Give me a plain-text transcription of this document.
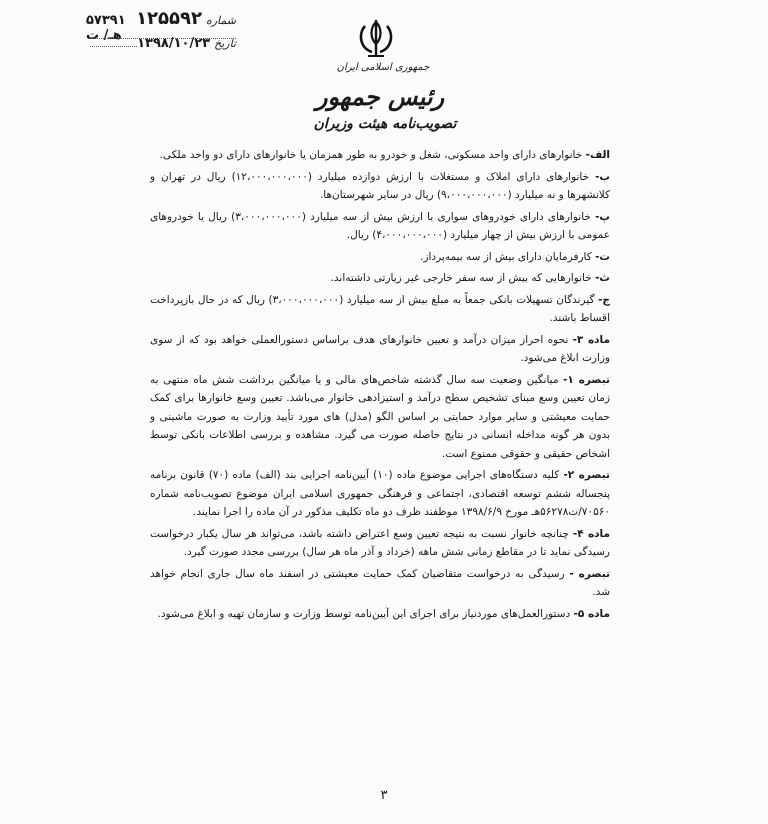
شماره
۱۲۵۵۹۲
۵۷۳۹۱ هـ/ ت
تاریخ
۱۳۹۸/۱۰/۲۳
جمهوری اسلامی ایران
رئیس جمهور
تصویب‌نامه هیئت وزیران

الف- خانوارهای دارای واحد مسکونی، شغل و خودرو به طور همزمان یا خانوارهای دارای دو واحد ملکی.

ب- خانوارهای دارای املاک و مستغلات با ارزش دوازده میلیارد (۱۲،۰۰۰،۰۰۰،۰۰۰) ریال در تهران و کلانشهرها و نه میلیارد (۹،۰۰۰،۰۰۰،۰۰۰) ریال در سایر شهرستان‌ها.

پ- خانوارهای دارای خودروهای سواری با ارزش بیش از سه میلیارد (۳،۰۰۰،۰۰۰،۰۰۰) ریال یا خودروهای عمومی با ارزش بیش از چهار میلیارد (۴،۰۰۰،۰۰۰،۰۰۰) ریال.

ت- کارفرمایان دارای بیش از سه بیمه‌پرداز.

ث- خانوارهایی که بیش از سه سفر خارجی غیر زیارتی داشته‌اند.

ج- گیرندگان تسهیلات بانکی جمعاً به مبلغ بیش از سه میلیارد (۳،۰۰۰،۰۰۰،۰۰۰) ریال که در حال بازپرداخت اقساط باشند.

ماده ۳- نحوه احراز میزان درآمد و تعیین خانوارهای هدف براساس دستورالعملی خواهد بود که از سوی وزارت ابلاغ می‌شود.

تبصره ۱- میانگین وضعیت سه سال گذشته شاخص‌های مالی و یا میانگین برداشت شش ماه منتهی به زمان تعیین وسع مبنای تشخیص سطح درآمد و استیزادهی خانوار می‌باشد. تعیین وسع خانوارها برای کمک حمایت معیشتی و سایر موارد حمایتی بر اساس الگو (مدل) های مورد تأیید وزارت به صورت ماشینی و بدون هر گونه مداخله انسانی در نتایج حاصله صورت می گیرد. مشاهده و بررسی اطلاعات بانکی توسط اشخاص حقیقی و حقوقی ممنوع است.

تبصره ۲- کلیه دستگاه‌های اجرایی موضوع ماده (۱۰) آیین‌نامه اجرایی بند (الف) ماده (۷۰) قانون برنامه پنجساله ششم توسعه اقتصادی، اجتماعی و فرهنگی جمهوری اسلامی ایران موضوع تصویب‌نامه شماره ۷۰۵۶۰/ت۵۶۲۷۸هـ مورخ ۱۳۹۸/۶/۹ موظفند ظرف دو ماه تکلیف مذکور در آن ماده را اجرا نمایند.

ماده ۴- چنانچه خانوار نسبت به نتیجه تعیین وسع اعتراض داشته باشد، می‌تواند هر سال یکبار درخواست رسیدگی نماید تا در مقاطع زمانی شش ماهه (خرداد و آذر ماه هر سال) بررسی مجدد صورت گیرد.

تبصره - رسیدگی به درخواست متقاضیان کمک حمایت معیشتی در اسفند ماه سال جاری انجام خواهد شد.

ماده ۵- دستورالعمل‌های موردنیاز برای اجرای این آیین‌نامه توسط وزارت و سازمان تهیه و ابلاغ می‌شود.

۳
